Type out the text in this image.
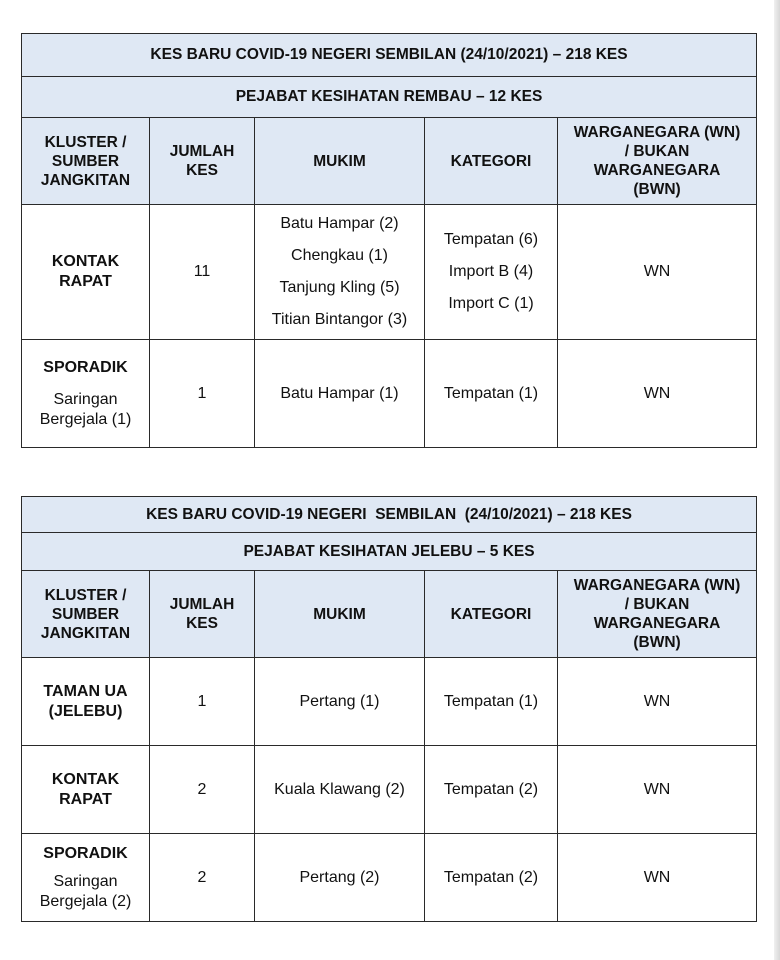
KES BARU COVID-19 NEGERI SEMBILAN (24/10/2021) – 218 KES				
PEJABAT KESIHATAN REMBAU – 12 KES				

KLUSTER /
SUMBER
JANGKITAN	JUMLAH
KES	MUKIM	KATEGORI	WARGANEGARA (WN)
/ BUKAN
WARGANEGARA
(BWN)

KONTAK
RAPAT	11	Batu Hampar (2)
Chengkau (1)
Tanjung Kling (5)
Titian Bintangor (3)	Tempatan (6)
Import B (4)
Import C (1)	WN

SPORADIK
Saringan
Bergejala (1)	1	Batu Hampar (1)	Tempatan (1)	WN
KES BARU COVID-19 NEGERI  SEMBILAN  (24/10/2021) – 218 KES				
PEJABAT KESIHATAN JELEBU – 5 KES				

KLUSTER /
SUMBER
JANGKITAN	JUMLAH
KES	MUKIM	KATEGORI	WARGANEGARA (WN)
/ BUKAN
WARGANEGARA
(BWN)

TAMAN UA
(JELEBU)	1	Pertang (1)	Tempatan (1)	WN

KONTAK
RAPAT	2	Kuala Klawang (2)	Tempatan (2)	WN

SPORADIK
Saringan
Bergejala (2)	2	Pertang (2)	Tempatan (2)	WN
